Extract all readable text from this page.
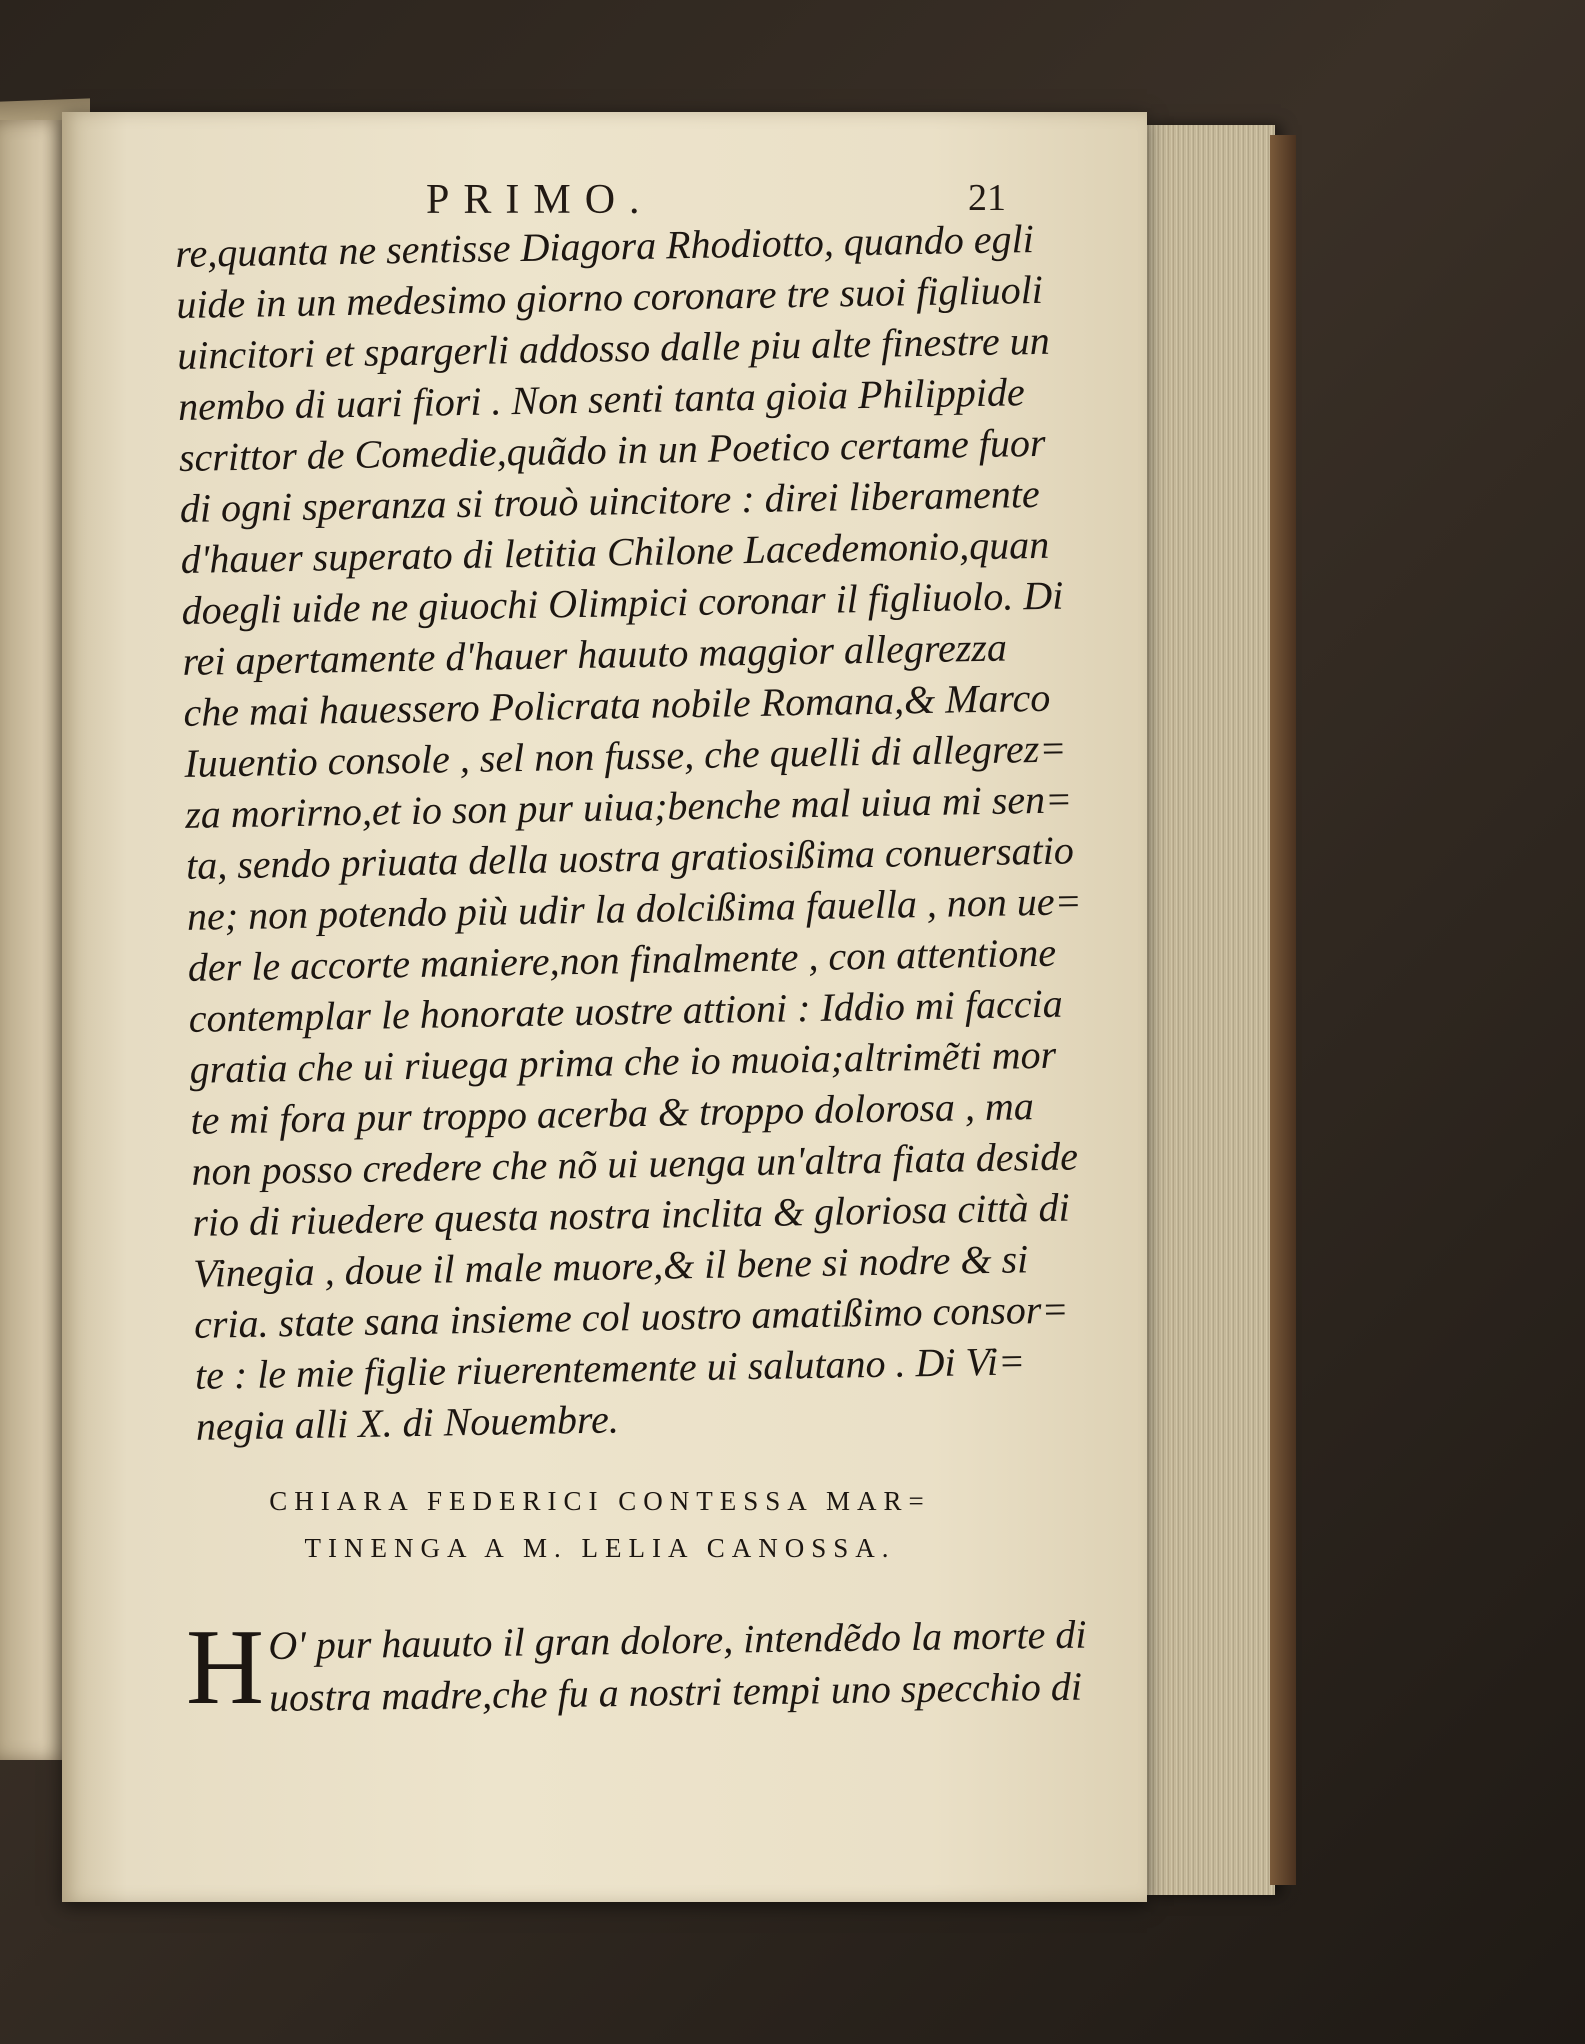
PRIMO.	21
re,quanta ne sentisse Diagora Rhodiotto, quando egli
uide in un medesimo giorno coronare tre suoi figliuoli
uincitori et spargerli addosso dalle piu alte finestre un
nembo di uari fiori . Non senti tanta gioia Philippide
scrittor de Comedie,quãdo in un Poetico certame fuor
di ogni speranza si trouò uincitore : direi liberamente
d'hauer superato di letitia Chilone Lacedemonio,quan
doegli uide ne giuochi Olimpici coronar il figliuolo. Di
rei apertamente d'hauer hauuto maggior allegrezza
che mai hauessero Policrata nobile Romana,& Marco
Iuuentio console , sel non fusse, che quelli di allegrez=
za morirno,et io son pur uiua;benche mal uiua mi sen=
ta, sendo priuata della uostra gratiosißima conuersatio
ne; non potendo più udir la dolcißima fauella , non ue=
der le accorte maniere,non finalmente , con attentione
contemplar le honorate uostre attioni : Iddio mi faccia
gratia che ui riuega prima che io muoia;altrimẽti mor
te mi fora pur troppo acerba & troppo dolorosa , ma
non posso credere che nõ ui uenga un'altra fiata deside
rio di riuedere questa nostra inclita & gloriosa città di
Vinegia , doue il male muore,& il bene si nodre & si
cria. state sana insieme col uostro amatißimo consor=
te : le mie figlie riuerentemente ui salutano . Di Vi=
negia alli X. di Nouembre.
CHIARA FEDERICI CONTESSA MAR=
TINENGA A M. LELIA CANOSSA.
H O' pur hauuto il gran dolore, intendẽdo la morte di
uostra madre,che fu a nostri tempi uno specchio di
